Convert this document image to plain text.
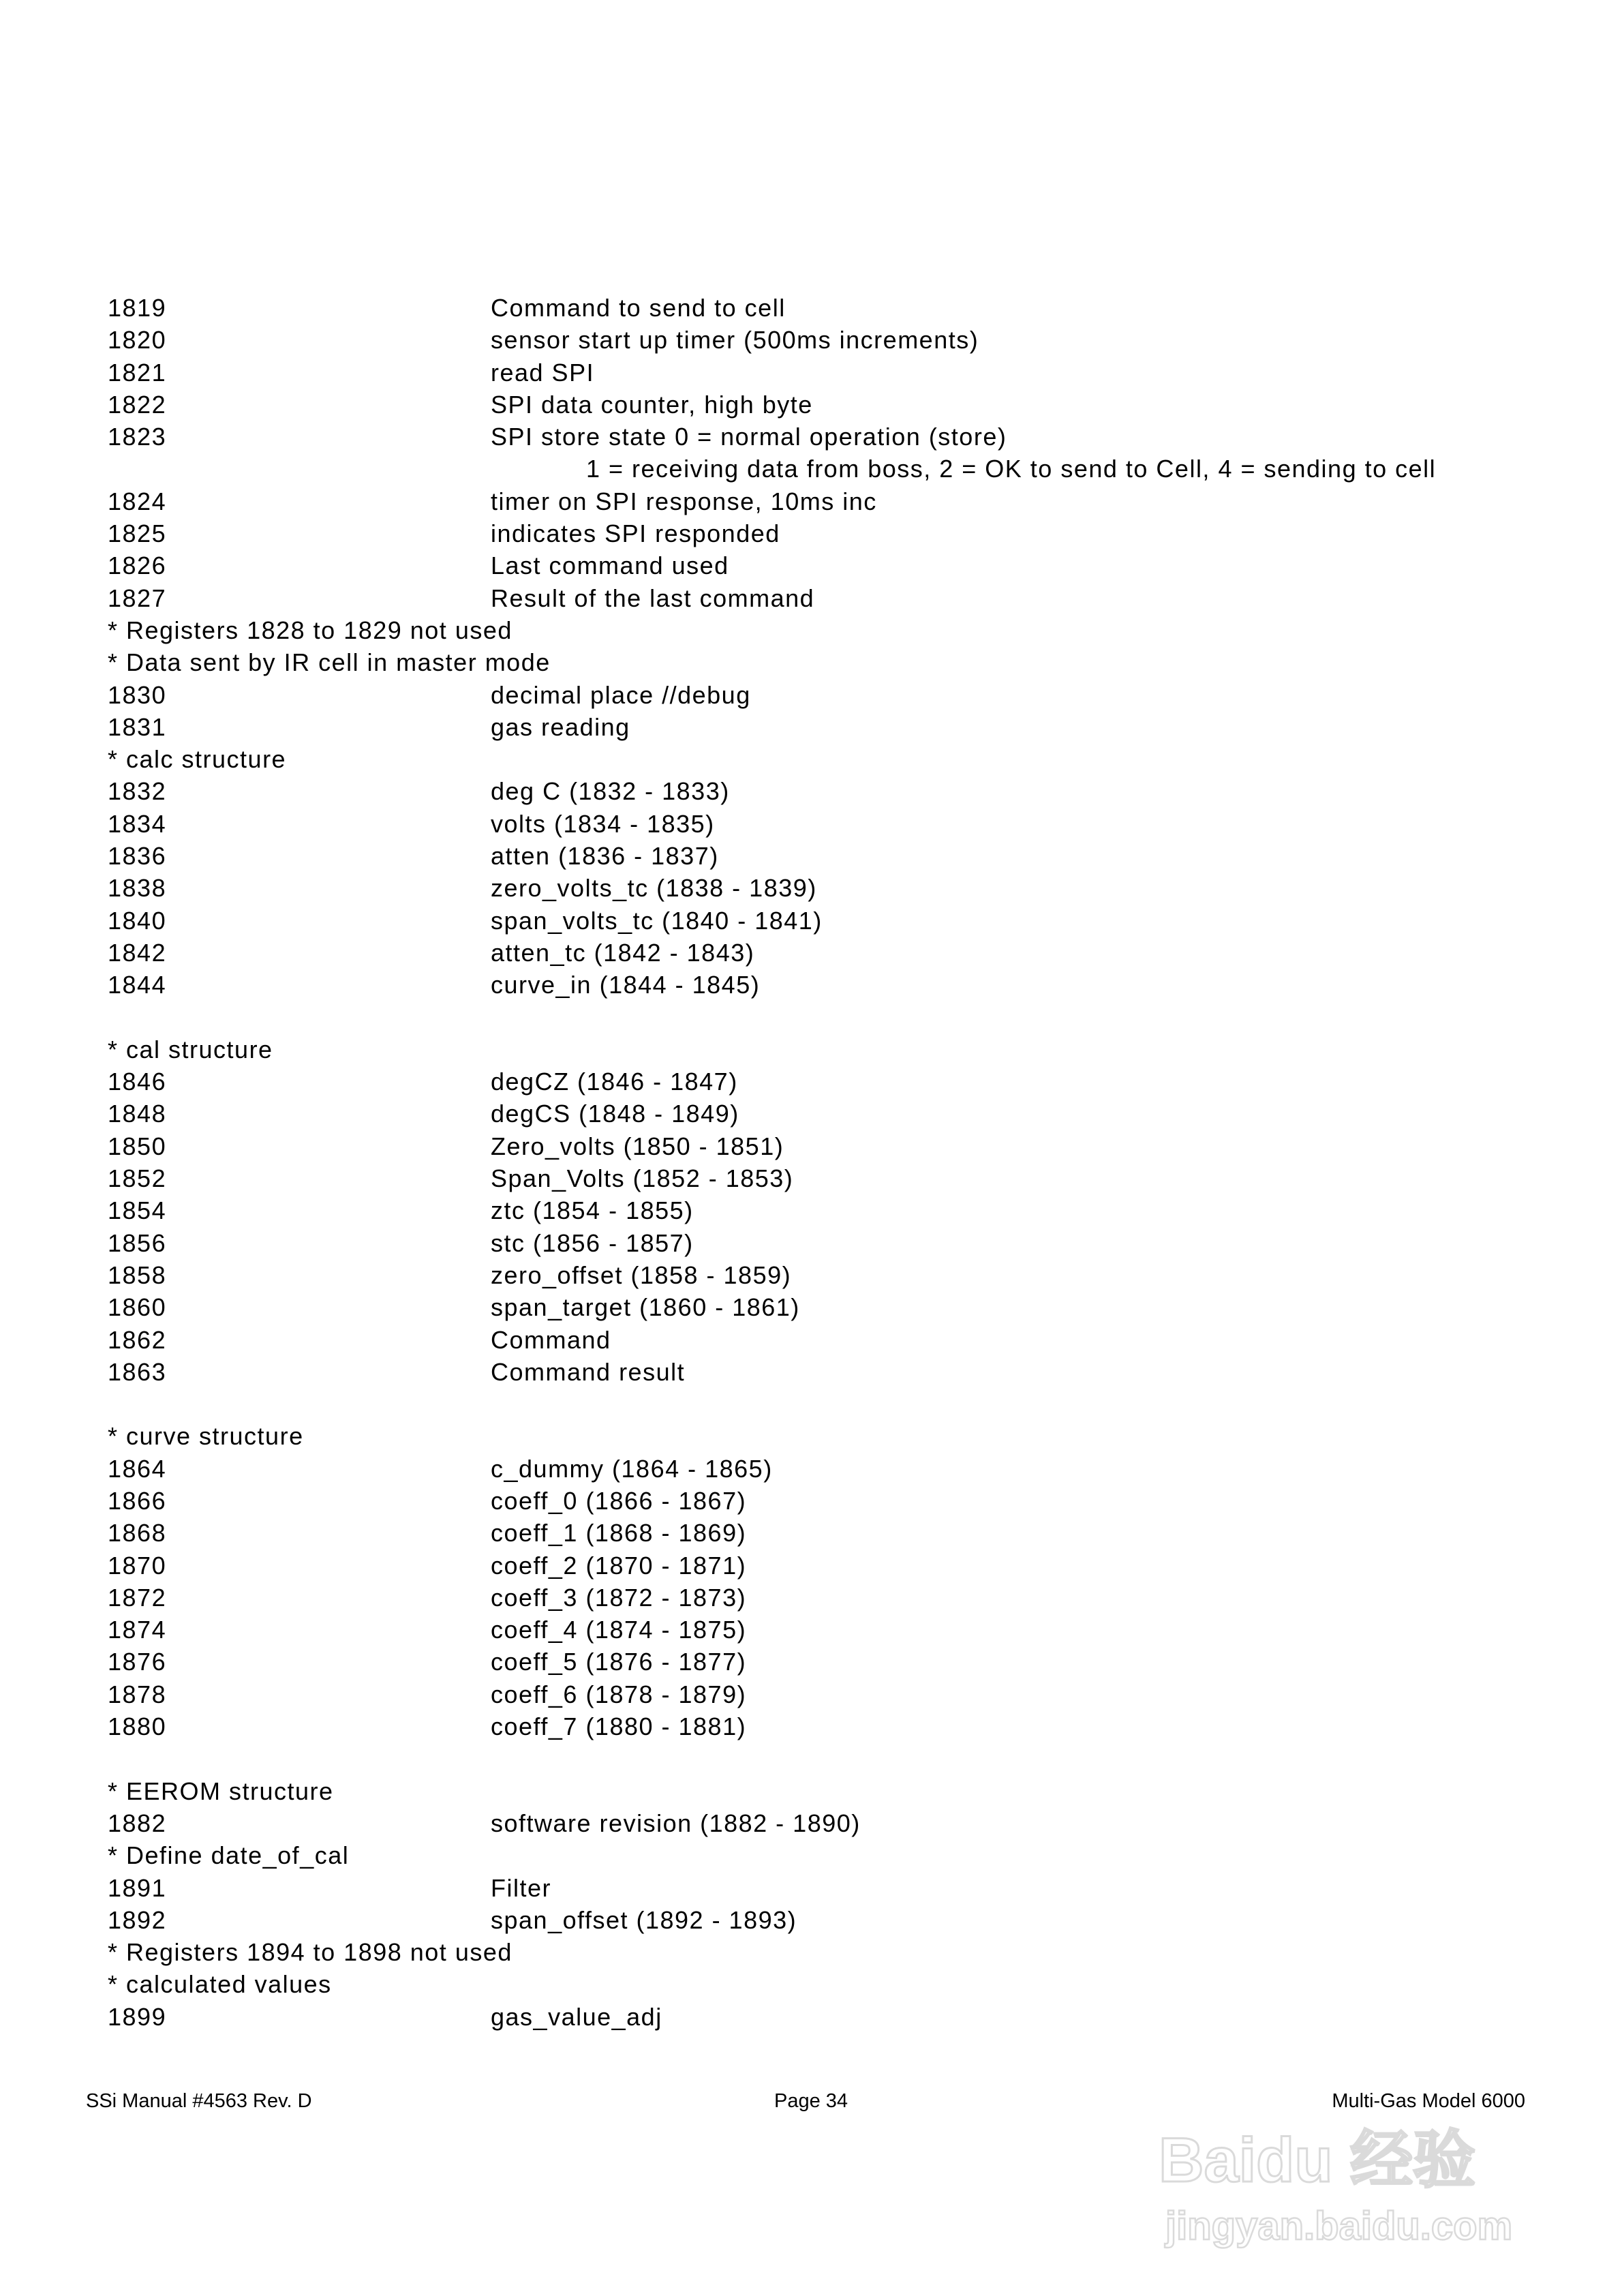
1819	Command to send to cell
1820	sensor start up timer (500ms increments)
1821	read SPI
1822	SPI data counter, high byte
1823	SPI store state 0 = normal operation (store)
1 = receiving data from boss, 2 = OK to send to Cell, 4 = sending to cell
1824	timer on SPI response, 10ms inc
1825	indicates SPI responded
1826	Last command used
1827	Result of the last command
* Registers 1828 to 1829 not used
* Data sent by IR cell in master mode
1830	decimal place //debug
1831	gas reading
* calc structure
1832	deg C (1832 - 1833)
1834	volts (1834 - 1835)
1836	atten (1836 - 1837)
1838	zero_volts_tc (1838 - 1839)
1840	span_volts_tc (1840 - 1841)
1842	atten_tc (1842 - 1843)
1844	curve_in (1844 - 1845)
* cal structure
1846	degCZ (1846 - 1847)
1848	degCS (1848 - 1849)
1850	Zero_volts (1850 - 1851)
1852	Span_Volts (1852 - 1853)
1854	ztc (1854 - 1855)
1856	stc (1856 - 1857)
1858	zero_offset (1858 - 1859)
1860	span_target (1860 - 1861)
1862	Command
1863	Command result
* curve structure
1864	c_dummy (1864 - 1865)
1866	coeff_0 (1866 - 1867)
1868	coeff_1 (1868 - 1869)
1870	coeff_2 (1870 - 1871)
1872	coeff_3 (1872 - 1873)
1874	coeff_4 (1874 - 1875)
1876	coeff_5 (1876 - 1877)
1878	coeff_6 (1878 - 1879)
1880	coeff_7 (1880 - 1881)
* EEROM structure
1882	software revision (1882 - 1890)
* Define date_of_cal
1891	Filter
1892	span_offset (1892 - 1893)
* Registers 1894 to 1898 not used
* calculated values
1899	gas_value_adj
SSi Manual #4563 Rev. D	Page 34	Multi-Gas Model 6000
Baidu 经验
jingyan.baidu.com
